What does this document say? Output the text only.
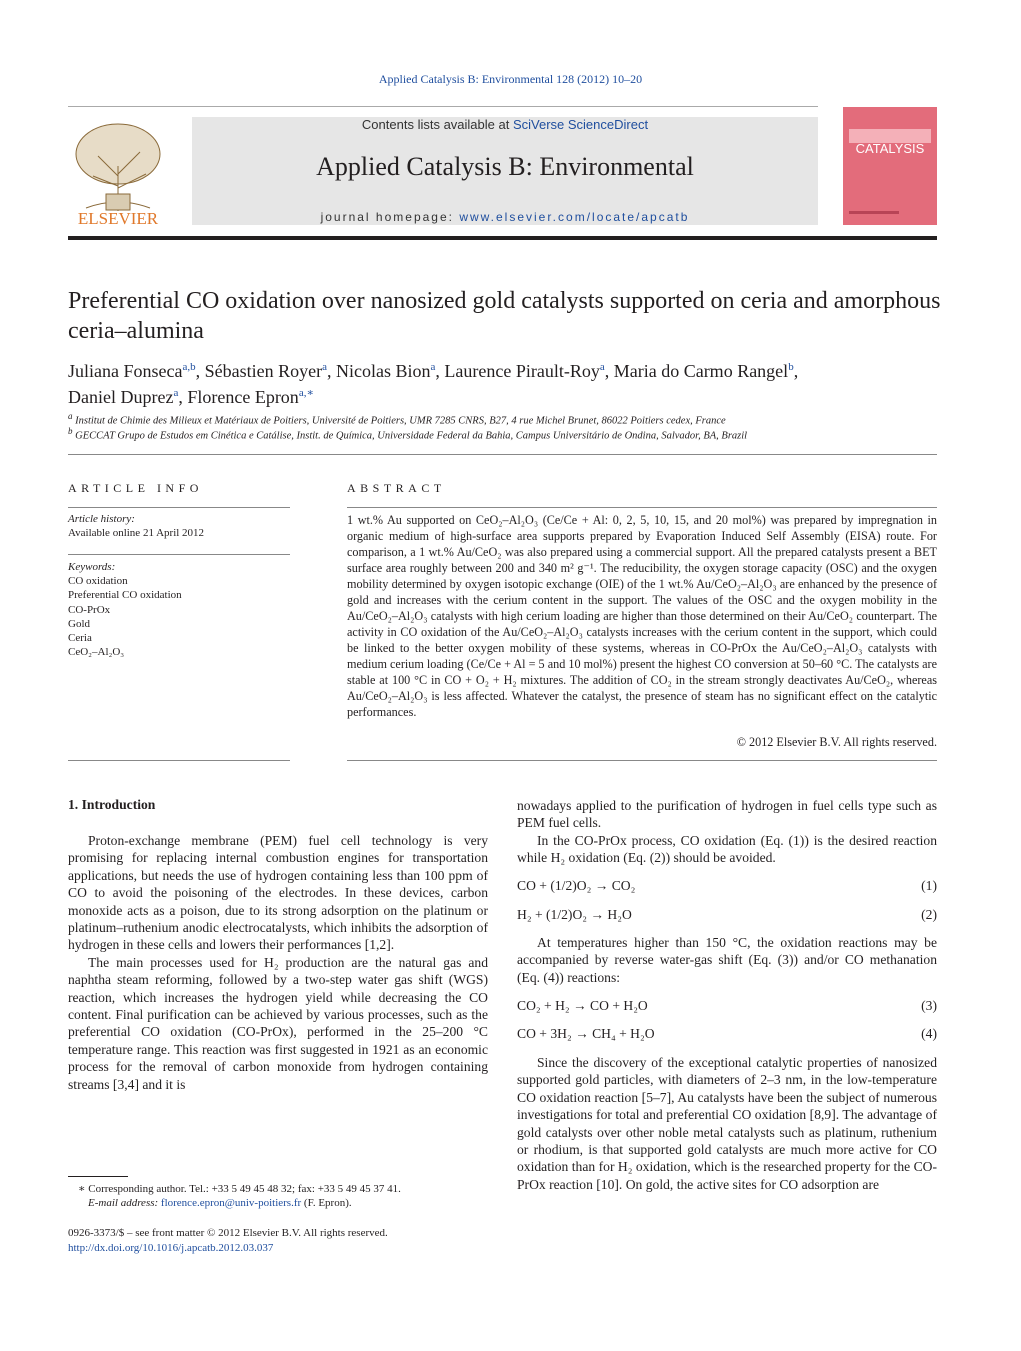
Applied Catalysis B: Environmental 128 (2012) 10–20
ELSEVIER
Contents lists available at SciVerse ScienceDirect
Applied Catalysis B: Environmental
journal homepage: www.elsevier.com/locate/apcatb
CATALYSIS
Preferential CO oxidation over nanosized gold catalysts supported on ceria and amorphous ceria–alumina
Juliana Fonseca$^{a,b}$, Sébastien Royer$^a$, Nicolas Bion$^a$, Laurence Pirault-Roy$^a$, Maria do Carmo Rangel$^b$,
Daniel Duprez$^a$, Florence Epron$^{a,∗}$
$^a$ Institut de Chimie des Milieux et Matériaux de Poitiers, Université de Poitiers, UMR 7285 CNRS, B27, 4 rue Michel Brunet, 86022 Poitiers cedex, France
$^b$ GECCAT Grupo de Estudos em Cinética e Catálise, Instit. de Química, Universidade Federal da Bahia, Campus Universitário de Ondina, Salvador, BA, Brazil
ARTICLE INFO
Article history:
Available online 21 April 2012
Keywords:
CO oxidation
Preferential CO oxidation
CO-PrOx
Gold
Ceria
CeO₂–Al₂O₃
ABSTRACT
1 wt.% Au supported on CeO₂–Al₂O₃ (Ce/Ce + Al: 0, 2, 5, 10, 15, and 20 mol%) was prepared by impregnation in organic medium of high-surface area supports prepared by Evaporation Induced Self Assembly (EISA) route. For comparison, a 1 wt.% Au/CeO₂ was also prepared using a commercial support. All the prepared catalysts present a BET surface area roughly between 200 and 340 m² g⁻¹. The reducibility, the oxygen storage capacity (OSC) and the oxygen mobility determined by oxygen isotopic exchange (OIE) of the 1 wt.% Au/CeO₂–Al₂O₃ are enhanced by the presence of gold and increases with the cerium content in the support. The values of the OSC and the oxygen mobility in the Au/CeO₂–Al₂O₃ catalysts with high cerium loading are higher than those determined on their Au/CeO₂ counterpart. The activity in CO oxidation of the Au/CeO₂–Al₂O₃ catalysts increases with the cerium content in the support, which could be linked to the better oxygen mobility of these systems, whereas in CO-PrOx the Au/CeO₂–Al₂O₃ catalysts with medium cerium loading (Ce/Ce + Al = 5 and 10 mol%) present the highest CO conversion at 50–60 °C. The catalysts are stable at 100 °C in CO + O₂ + H₂ mixtures. The addition of CO₂ in the stream strongly deactivates Au/CeO₂, whereas Au/CeO₂–Al₂O₃ is less affected. Whatever the catalyst, the presence of steam has no significant effect on the catalytic performances.
© 2012 Elsevier B.V. All rights reserved.
1. Introduction

Proton-exchange membrane (PEM) fuel cell technology is very promising for replacing internal combustion engines for transportation applications, but needs the use of hydrogen containing less than 100 ppm of CO to avoid the poisoning of the electrodes. In these devices, carbon monoxide acts as a poison, due to its strong adsorption on the platinum or platinum–ruthenium anodic electrocatalysts, which inhibits the adsorption of hydrogen in these cells and lowers their performances [1,2].

The main processes used for H₂ production are the natural gas and naphtha steam reforming, followed by a two-step water gas shift (WGS) reaction, which increases the hydrogen yield while decreasing the CO content. Final purification can be achieved by various processes, such as the preferential CO oxidation (CO-PrOx), performed in the 25–200 °C temperature range. This reaction was first suggested in 1921 as an economic process for the removal of carbon monoxide from hydrogen containing streams [3,4] and it is

nowadays applied to the purification of hydrogen in fuel cells type such as PEM fuel cells.

In the CO-PrOx process, CO oxidation (Eq. (1)) is the desired reaction while H₂ oxidation (Eq. (2)) should be avoided.

CO + (1/2)O₂ → CO₂	(1)
H₂ + (1/2)O₂ → H₂O	(2)

At temperatures higher than 150 °C, the oxidation reactions may be accompanied by reverse water-gas shift (Eq. (3)) and/or CO methanation (Eq. (4)) reactions:

CO₂ + H₂ → CO + H₂O	(3)
CO + 3H₂ → CH₄ + H₂O	(4)

Since the discovery of the exceptional catalytic properties of nanosized supported gold particles, with diameters of 2–3 nm, in the low-temperature CO oxidation reaction [5–7], Au catalysts have been the subject of numerous investigations for total and preferential CO oxidation [8,9]. The advantage of gold catalysts over other noble metal catalysts such as platinum, ruthenium or rhodium, is that supported gold catalysts are much more active for CO oxidation than for H₂ oxidation, which is the researched property for the CO-PrOx reaction [10]. On gold, the active sites for CO adsorption are

∗ Corresponding author. Tel.: +33 5 49 45 48 32; fax: +33 5 49 45 37 41.
E-mail address: florence.epron@univ-poitiers.fr (F. Epron).
0926-3373/$ – see front matter © 2012 Elsevier B.V. All rights reserved.
http://dx.doi.org/10.1016/j.apcatb.2012.03.037
